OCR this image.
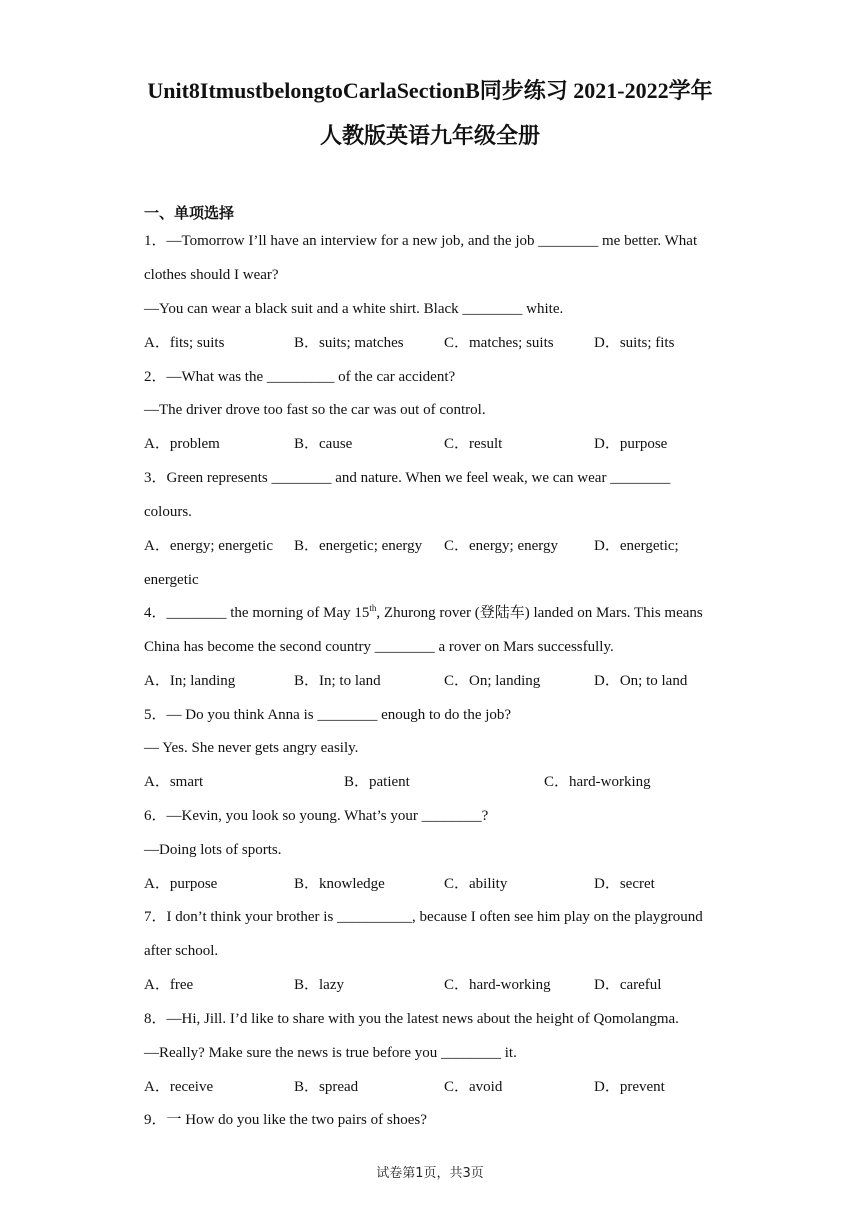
Unit8ItmustbelongtoCarlaSectionB同步练习 2021-2022学年
人教版英语九年级全册
一、单项选择
1．—Tomorrow I’ll have an interview for a new job, and the job ________ me better. What
clothes should I wear?
—You can wear a black suit and a white shirt. Black ________ white.
A．fits; suits	B．suits; matches	C．matches; suits	D．suits; fits
2．—What was the _________ of the car accident?
—The driver drove too fast so the car was out of control.
A．problem	B．cause	C．result	D．purpose
3．Green represents ________ and nature. When we feel weak, we can wear ________
colours.
A．energy; energetic B．energetic; energy C．energy; energy D．energetic;
energetic
4．________ the morning of May 15th, Zhurong rover (登陆车) landed on Mars. This means
China has become the second country ________ a rover on Mars successfully.
A．In; landing	B．In; to land	C．On; landing	D．On; to land
5．— Do you think Anna is ________ enough to do the job?
— Yes. She never gets angry easily.
A．smart	B．patient	C．hard-working
6．—Kevin, you look so young. What’s your ________?
—Doing lots of sports.
A．purpose	B．knowledge	C．ability	D．secret
7．I don’t think your brother is __________, because I often see him play on the playground
after school.
A．free	B．lazy	C．hard-working	D．careful
8．—Hi, Jill. I’d like to share with you the latest news about the height of Qomolangma.
—Really? Make sure the news is true before you ________ it.
A．receive	B．spread	C．avoid	D．prevent
9．一 How do you like the two pairs of shoes?
试卷第1页，共3页
